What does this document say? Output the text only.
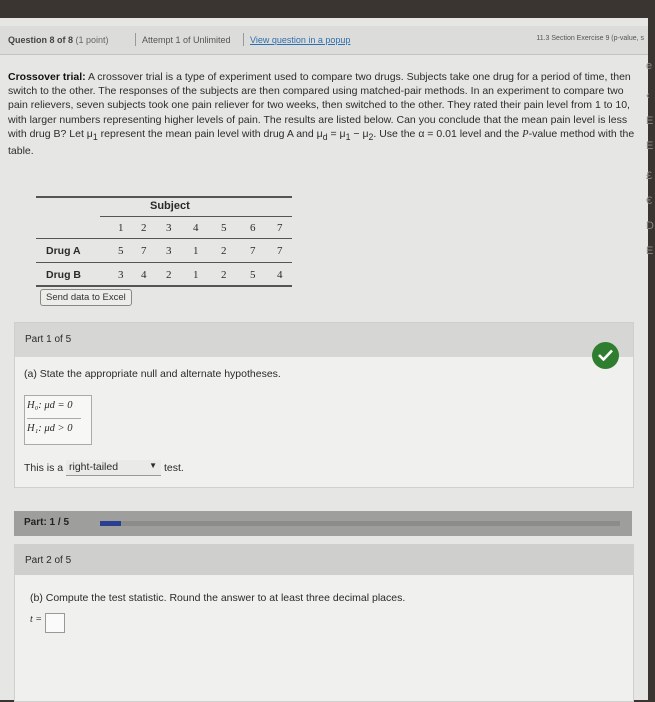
Question 8 of 8 (1 point)	Attempt 1 of Unlimited View question in a popup	11.3 Section Exercise 9 (p-value, s
Crossover trial: A crossover trial is a type of experiment used to compare two drugs. Subjects take one drug for a period of time, then switch to the other. The responses of the subjects are then compared using matched-pair methods. In an experiment to compare two pain relievers, seven subjects took one pain reliever for two weeks, then switched to the other. They rated their pain level from 1 to 10, with larger numbers representing higher levels of pain. The results are listed below. Can you conclude that the mean pain level is less with drug B? Let $\mu_1$ represent the mean pain level with drug A and $\mu_d = \mu_1 - \mu_2$. Use the α = 0.01 level and the P-value method with the table.
Subject
1 2 3 4 5 6 7
Drug A	5 7 3 1 2 7 7
Drug B	3 4 2 1 2 5 4
Send data to Excel
Part 1 of 5
(a) State the appropriate null and alternate hypotheses.
H₀: μd = 0
H₁: μd > 0
This is a right-tailed	▼ test.
Part: 1 / 5
Part 2 of 5
(b) Compute the test statistic. Round the answer to at least three decimal places.
t =
e
‹
E
E
£
€
D
E
